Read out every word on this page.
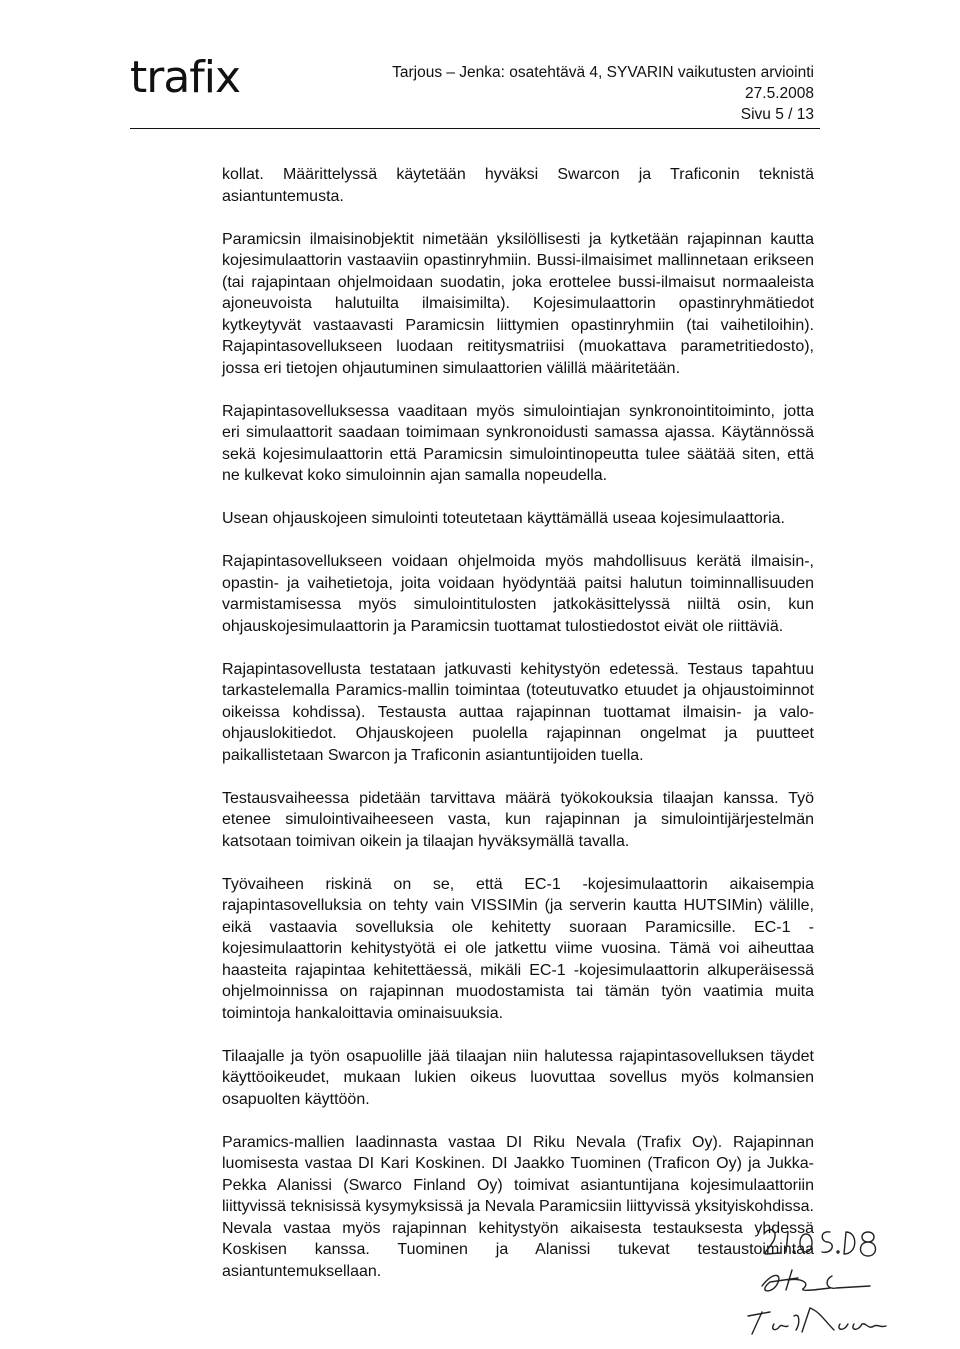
trafix	Tarjous – Jenka: osatehtävä 4, SYVARIN vaikutusten arviointi
27.5.2008
Sivu 5 / 13

kollat. Määrittelyssä käytetään hyväksi Swarcon ja Traficonin teknistä asiantuntemusta.

Paramicsin ilmaisinobjektit nimetään yksilöllisesti ja kytketään rajapinnan kautta kojesimulaattorin vastaaviin opastinryhmiin. Bussi-ilmaisimet mallinnetaan erikseen (tai rajapintaan ohjelmoidaan suodatin, joka erottelee bussi-ilmaisut normaaleista ajoneuvoista halutuilta ilmaisimilta). Kojesimulaattorin opastinryhmätiedot kytkeytyvät vastaavasti Paramicsin liittymien opastinryhmiin (tai vaihetiloihin). Rajapintasovellukseen luodaan reititysmatriisi (muokattava parametritiedosto), jossa eri tietojen ohjautuminen simulaattorien välillä määritetään.

Rajapintasovelluksessa vaaditaan myös simulointiajan synkronointitoiminto, jotta eri simulaattorit saadaan toimimaan synkronoidusti samassa ajassa. Käytännössä sekä kojesimulaattorin että Paramicsin simulointinopeutta tulee säätää siten, että ne kulkevat koko simuloinnin ajan samalla nopeudella.

Usean ohjauskojeen simulointi toteutetaan käyttämällä useaa kojesimulaattoria.

Rajapintasovellukseen voidaan ohjelmoida myös mahdollisuus kerätä ilmaisin-, opastin- ja vaihetietoja, joita voidaan hyödyntää paitsi halutun toiminnallisuuden varmistamisessa myös simulointitulosten jatkokäsittelyssä niiltä osin, kun ohjauskojesimulaattorin ja Paramicsin tuottamat tulostiedostot eivät ole riittäviä.

Rajapintasovellusta testataan jatkuvasti kehitystyön edetessä. Testaus tapahtuu tarkastelemalla Paramics-mallin toimintaa (toteutuvatko etuudet ja ohjaustoiminnot oikeissa kohdissa). Testausta auttaa rajapinnan tuottamat ilmaisin- ja valo-ohjauslokitiedot. Ohjauskojeen puolella rajapinnan ongelmat ja puutteet paikallistetaan Swarcon ja Traficonin asiantuntijoiden tuella.

Testausvaiheessa pidetään tarvittava määrä työkokouksia tilaajan kanssa. Työ etenee simulointivaiheeseen vasta, kun rajapinnan ja simulointijärjestelmän katsotaan toimivan oikein ja tilaajan hyväksymällä tavalla.

Työvaiheen riskinä on se, että EC-1 -kojesimulaattorin aikaisempia rajapintasovelluksia on tehty vain VISSIMin (ja serverin kautta HUTSIMin) välille, eikä vastaavia sovelluksia ole kehitetty suoraan Paramicsille. EC-1 -kojesimulaattorin kehitystyötä ei ole jatkettu viime vuosina. Tämä voi aiheuttaa haasteita rajapintaa kehitettäessä, mikäli EC-1 -kojesimulaattorin alkuperäisessä ohjelmoinnissa on rajapinnan muodostamista tai tämän työn vaatimia muita toimintoja hankaloittavia ominaisuuksia.

Tilaajalle ja työn osapuolille jää tilaajan niin halutessa rajapintasovelluksen täydet käyttöoikeudet, mukaan lukien oikeus luovuttaa sovellus myös kolmansien osapuolten käyttöön.

Paramics-mallien laadinnasta vastaa DI Riku Nevala (Trafix Oy). Rajapinnan luomisesta vastaa DI Kari Koskinen. DI Jaakko Tuominen (Traficon Oy) ja Jukka-Pekka Alanissi (Swarco Finland Oy) toimivat asiantuntijana kojesimulaattoriin liittyvissä teknisissä kysymyksissä ja Nevala Paramicsiin liittyvissä yksityiskohdissa. Nevala vastaa myös rajapinnan kehitystyön aikaisesta testauksesta yhdessä Koskisen kanssa. Tuominen ja Alanissi tukevat testaustoimintaa asiantuntemuksellaan.
